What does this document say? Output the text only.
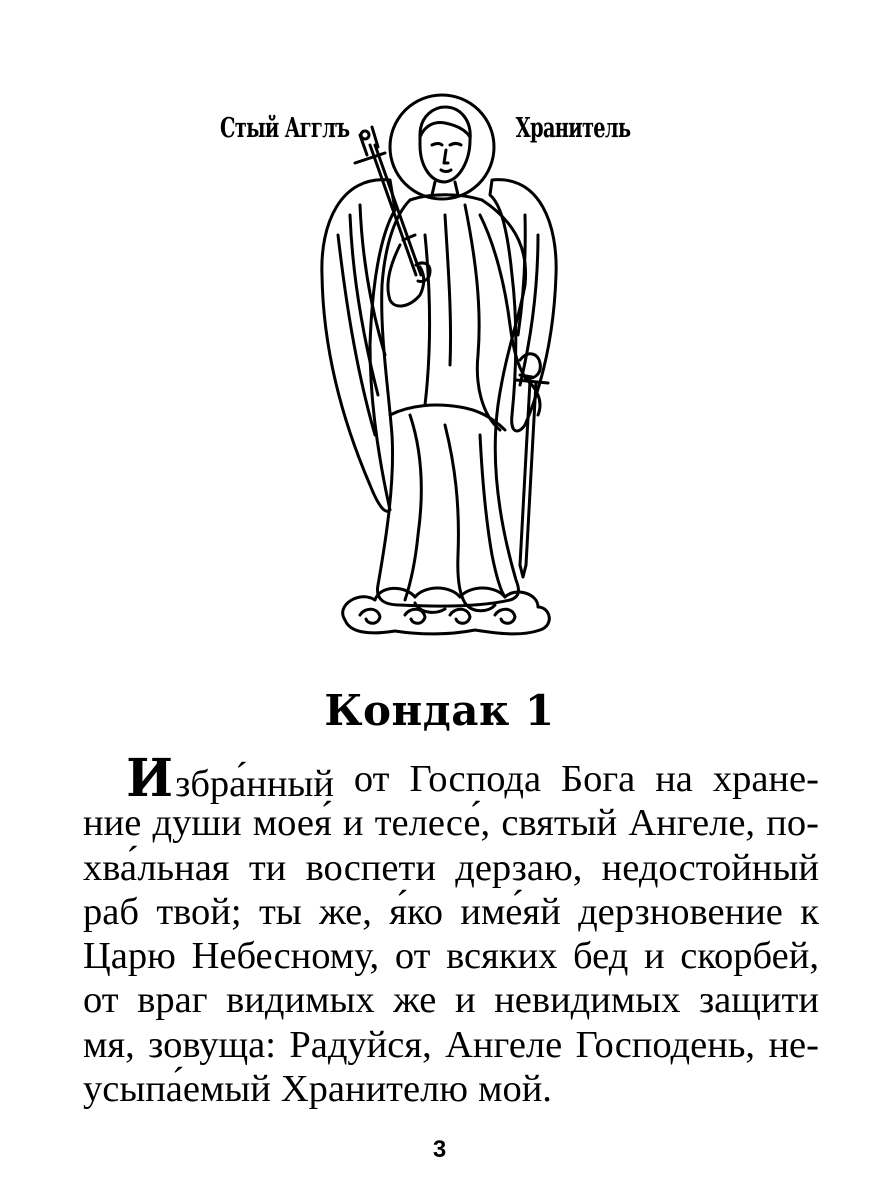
Стый Агглъ	Хранитель
Кондак 1
Избра́нный от Господа Бога на хране-
ние души моея́ и телесе́, святый Ангеле, по-
хва́льная ти воспети дерзаю, недостойный
раб твой; ты же, я́ко име́яй дерзновение к
Царю Небесному, от всяких бед и скорбей,
от враг видимых же и невидимых защити
мя, зовуща: Радуйся, Ангеле Господень, не-
усыпа́емый Хранителю мой.
3
